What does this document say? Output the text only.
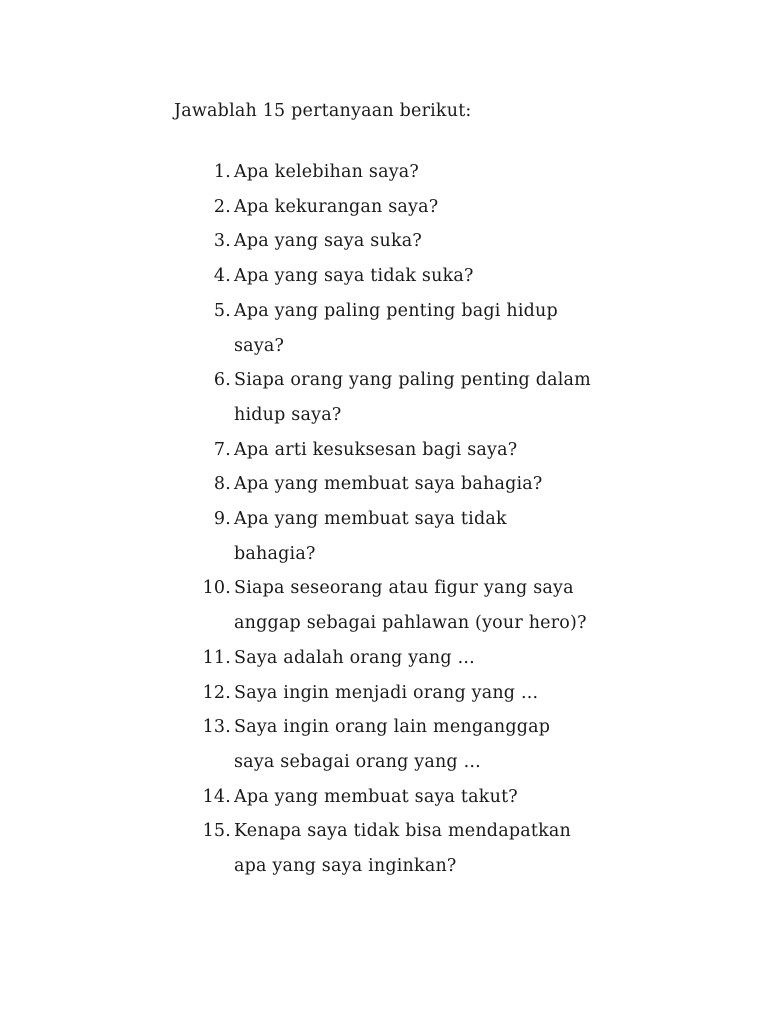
Jawablah 15 pertanyaan berikut:
1. Apa kelebihan saya?
2. Apa kekurangan saya?
3. Apa yang saya suka?
4. Apa yang saya tidak suka?
5. Apa yang paling penting bagi hidup
saya?
6. Siapa orang yang paling penting dalam
hidup saya?
7. Apa arti kesuksesan bagi saya?
8. Apa yang membuat saya bahagia?
9. Apa yang membuat saya tidak
bahagia?
10. Siapa seseorang atau figur yang saya
anggap sebagai pahlawan (your hero)?
11. Saya adalah orang yang ...
12. Saya ingin menjadi orang yang ...
13. Saya ingin orang lain menganggap
saya sebagai orang yang ...
14. Apa yang membuat saya takut?
15. Kenapa saya tidak bisa mendapatkan
apa yang saya inginkan?
